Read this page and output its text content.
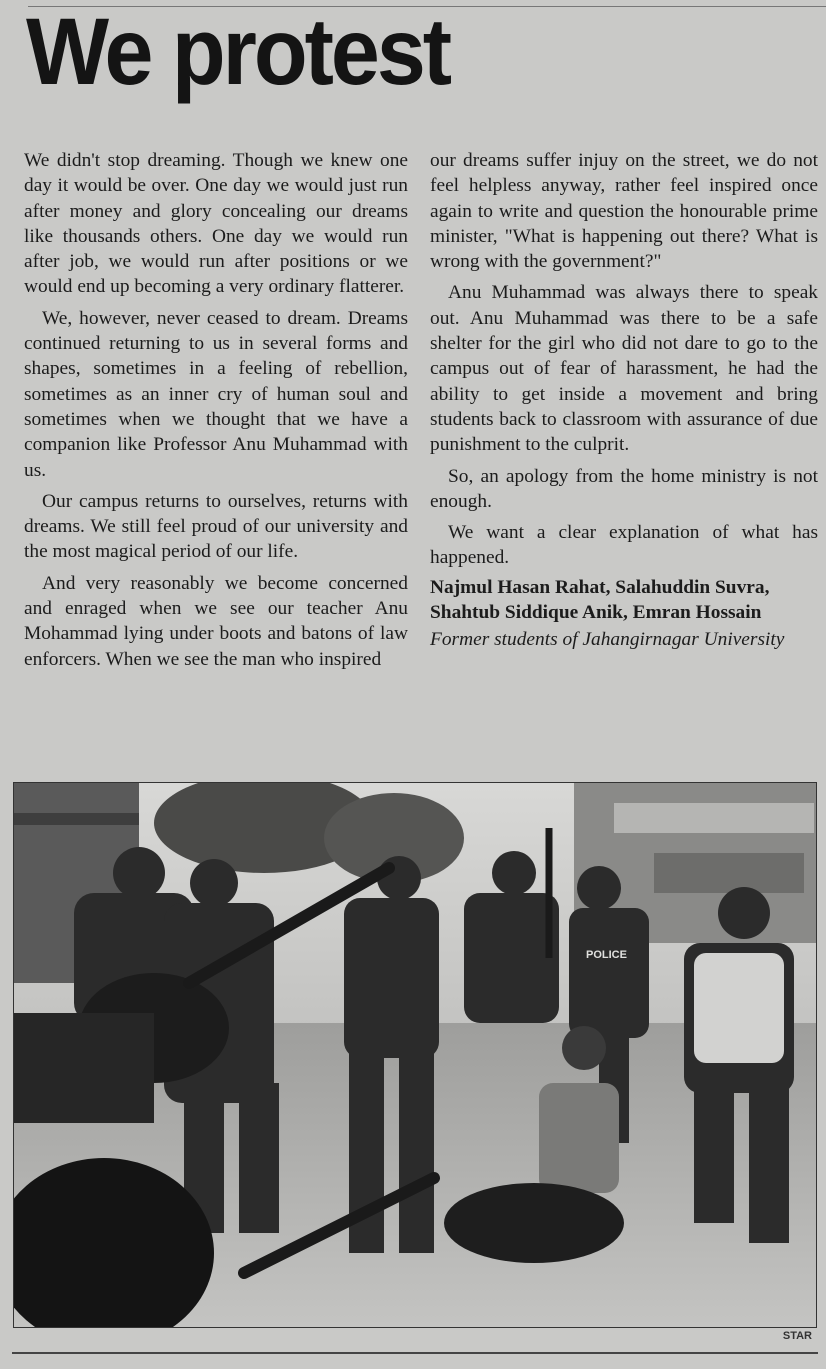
We protest

We didn't stop dreaming. Though we knew one day it would be over. One day we would just run after money and glory concealing our dreams like thousands others. One day we would run after job, we would run after positions or we would end up becoming a very ordinary flatterer.

We, however, never ceased to dream. Dreams continued returning to us in several forms and shapes, sometimes in a feeling of rebellion, sometimes as an inner cry of human soul and sometimes when we thought that we have a companion like Professor Anu Muhammad with us.

Our campus returns to ourselves, returns with dreams. We still feel proud of our university and the most magical period of our life.

And very reasonably we become concerned and enraged when we see our teacher Anu Mohammad lying under boots and batons of law enforcers. When we see the man who inspired

our dreams suffer injuy on the street, we do not feel helpless anyway, rather feel inspired once again to write and question the honourable prime minister, "What is happening out there? What is wrong with the government?"

Anu Muhammad was always there to speak out. Anu Muhammad was there to be a safe shelter for the girl who did not dare to go to the campus out of fear of harassment, he had the ability to get inside a movement and bring students back to classroom with assurance of due punishment to the culprit.

So, an apology from the home ministry is not enough.

We want a clear explanation of what has happened.

Najmul Hasan Rahat, Salahuddin Suvra, Shahtub Siddique Anik, Emran Hossain

Former students of Jahangirnagar University

POLICE
STAR
